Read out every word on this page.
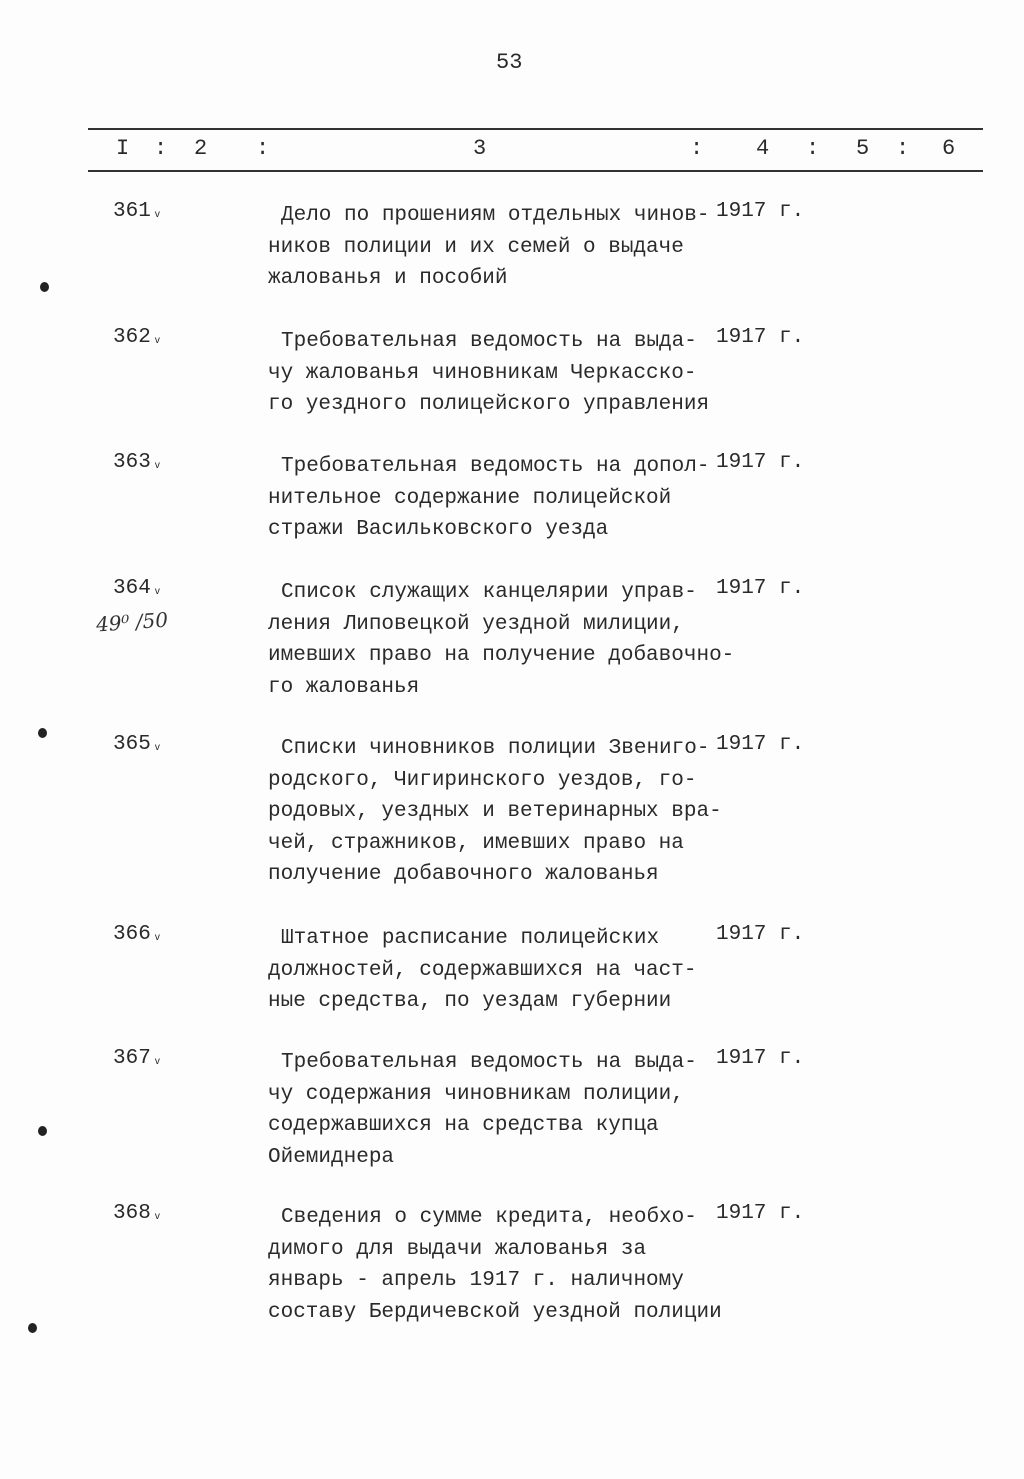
53
I : 2 :	3	: 4 : 5 : 6
361 ᵥ	Дело по прошениям отдельных чинов-
ников полиции и их семей о выдаче
жалованья и пособий
1917 г.
362 ᵥ	Требовательная ведомость на выда-
чу жалованья чиновникам Черкасско-
го уездного полицейского управления
1917 г.
363 ᵥ	Требовательная ведомость на допол-
нительное содержание полицейской
стражи Васильковского уезда
1917 г.
364 ᵥ	Список служащих канцелярии управ-
ления Липовецкой уездной милиции,
имевших право на получение добавочно-
го жалованья
1917 г.
365 ᵥ	Списки чиновников полиции Звениго-
родского, Чигиринского уездов, го-
родовых, уездных и ветеринарных вра-
чей, стражников, имевших право на
получение добавочного жалованья
1917 г.
366 ᵥ	Штатное расписание полицейских
должностей, содержавшихся на част-
ные средства, по уездам губернии
1917 г.
367 ᵥ	Требовательная ведомость на выда-
чу содержания чиновникам полиции,
содержавшихся на средства купца
Ойемиднера
1917 г.
368 ᵥ	Сведения о сумме кредита, необхо-
димого для выдачи жалованья за
январь - апрель 1917 г. наличному
составу Бердичевской уездной полиции
1917 г.
49⁰ /50
